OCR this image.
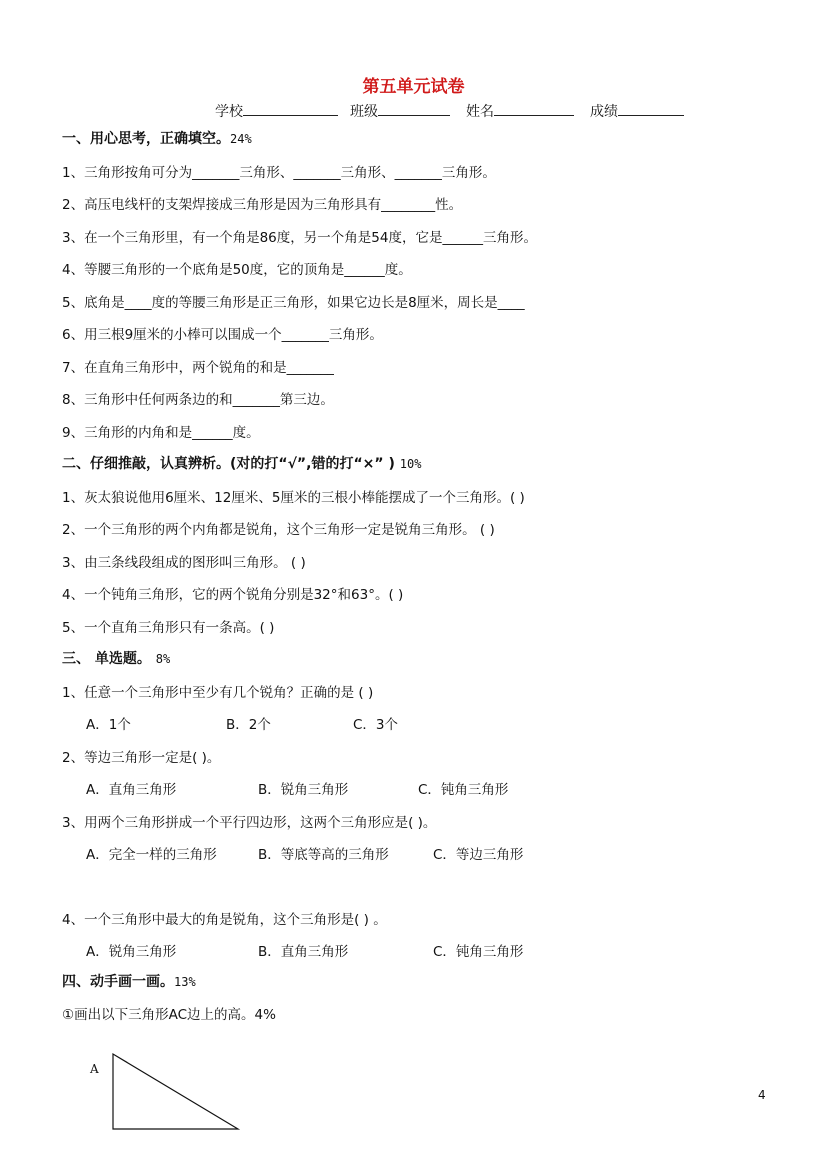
第五单元试卷
学校	班级	姓名	成绩
一、用心思考，正确填空。24%
1、三角形按角可分为_______三角形、_______三角形、_______三角形。
2、高压电线杆的支架焊接成三角形是因为三角形具有________性。
3、在一个三角形里，有一个角是86度，另一个角是54度，它是______三角形。
4、等腰三角形的一个底角是50度，它的顶角是______度。
5、底角是____度的等腰三角形是正三角形，如果它边长是8厘米，周长是____
6、用三根9厘米的小棒可以围成一个_______三角形。
7、在直角三角形中，两个锐角的和是_______
8、三角形中任何两条边的和_______第三边。
9、三角形的内角和是______度。
二、仔细推敲，认真辨析。(对的打“√”,错的打“×” ) 10%
1、灰太狼说他用6厘米、12厘米、5厘米的三根小棒能摆成了一个三角形。( )
2、一个三角形的两个内角都是锐角，这个三角形一定是锐角三角形。 ( )
3、由三条线段组成的图形叫三角形。 ( )
4、一个钝角三角形，它的两个锐角分别是32°和63°。( )
5、一个直角三角形只有一条高。( )
三、 单选题。 8%
1、任意一个三角形中至少有几个锐角？正确的是 ( )
A．1个	B．2个	C．3个
2、等边三角形一定是( )。
A．直角三角形	B．锐角三角形	C．钝角三角形
3、用两个三角形拼成一个平行四边形，这两个三角形应是( )。
A．完全一样的三角形	B．等底等高的三角形	C．等边三角形
4、一个三角形中最大的角是锐角，这个三角形是( ) 。
A．锐角三角形	B．直角三角形	C．钝角三角形
四、动手画一画。13%
①画出以下三角形AC边上的高。4%
A
4
